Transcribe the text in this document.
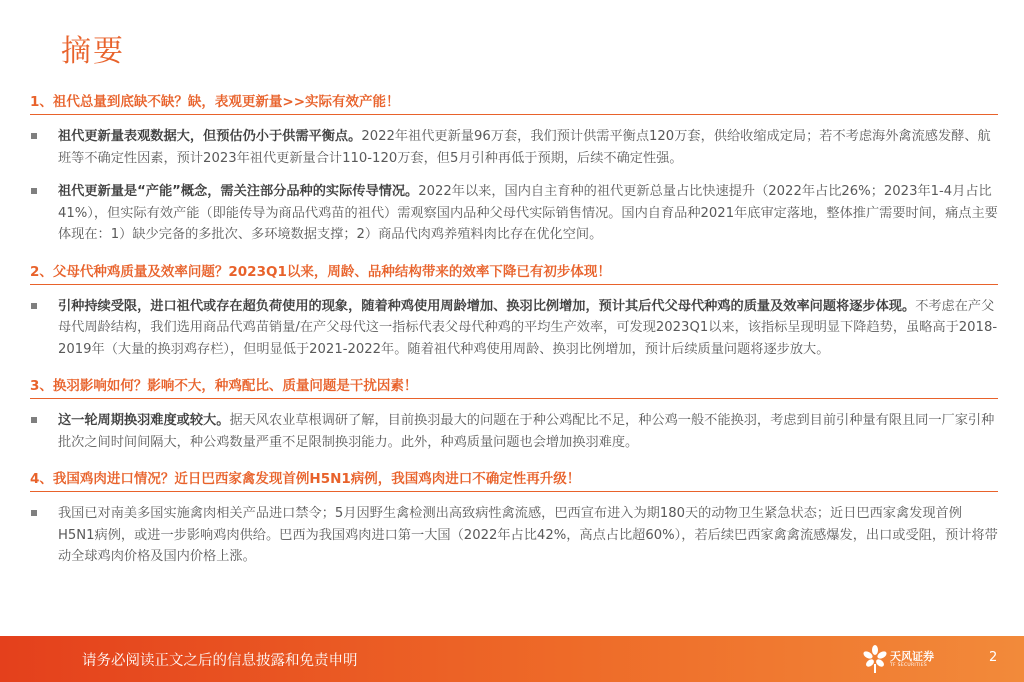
摘要
1、祖代总量到底缺不缺？缺，表观更新量>>实际有效产能！
祖代更新量表观数据大，但预估仍小于供需平衡点。2022年祖代更新量96万套，我们预计供需平衡点120万套，供给收缩成定局；若不考虑海外禽流感发酵、航班等不确定性因素，预计2023年祖代更新量合计110-120万套，但5月引种再低于预期，后续不确定性强。
祖代更新量是“产能”概念，需关注部分品种的实际传导情况。2022年以来，国内自主育种的祖代更新总量占比快速提升（2022年占比26%；2023年1-4月占比41%），但实际有效产能（即能传导为商品代鸡苗的祖代）需观察国内品种父母代实际销售情况。国内自育品种2021年底审定落地，整体推广需要时间，痛点主要体现在：1）缺少完备的多批次、多环境数据支撑；2）商品代肉鸡养殖料肉比存在优化空间。
2、父母代种鸡质量及效率问题？2023Q1以来，周龄、品种结构带来的效率下降已有初步体现！
引种持续受限，进口祖代或存在超负荷使用的现象，随着种鸡使用周龄增加、换羽比例增加，预计其后代父母代种鸡的质量及效率问题将逐步体现。不考虑在产父母代周龄结构，我们选用商品代鸡苗销量/在产父母代这一指标代表父母代种鸡的平均生产效率，可发现2023Q1以来，该指标呈现明显下降趋势，虽略高于2018-2019年（大量的换羽鸡存栏），但明显低于2021-2022年。随着祖代种鸡使用周龄、换羽比例增加，预计后续质量问题将逐步放大。
3、换羽影响如何？影响不大，种鸡配比、质量问题是干扰因素！
这一轮周期换羽难度或较大。据天风农业草根调研了解，目前换羽最大的问题在于种公鸡配比不足，种公鸡一般不能换羽，考虑到目前引种量有限且同一厂家引种批次之间时间间隔大，种公鸡数量严重不足限制换羽能力。此外，种鸡质量问题也会增加换羽难度。
4、我国鸡肉进口情况？近日巴西家禽发现首例H5N1病例，我国鸡肉进口不确定性再升级！
我国已对南美多国实施禽肉相关产品进口禁令；5月因野生禽检测出高致病性禽流感，巴西宣布进入为期180天的动物卫生紧急状态；近日巴西家禽发现首例H5N1病例，或进一步影响鸡肉供给。巴西为我国鸡肉进口第一大国（2022年占比42%，高点占比超60%），若后续巴西家禽禽流感爆发，出口或受阻，预计将带动全球鸡肉价格及国内价格上涨。
请务必阅读正文之后的信息披露和免责申明	天风证券
TF SECURITIES
2
